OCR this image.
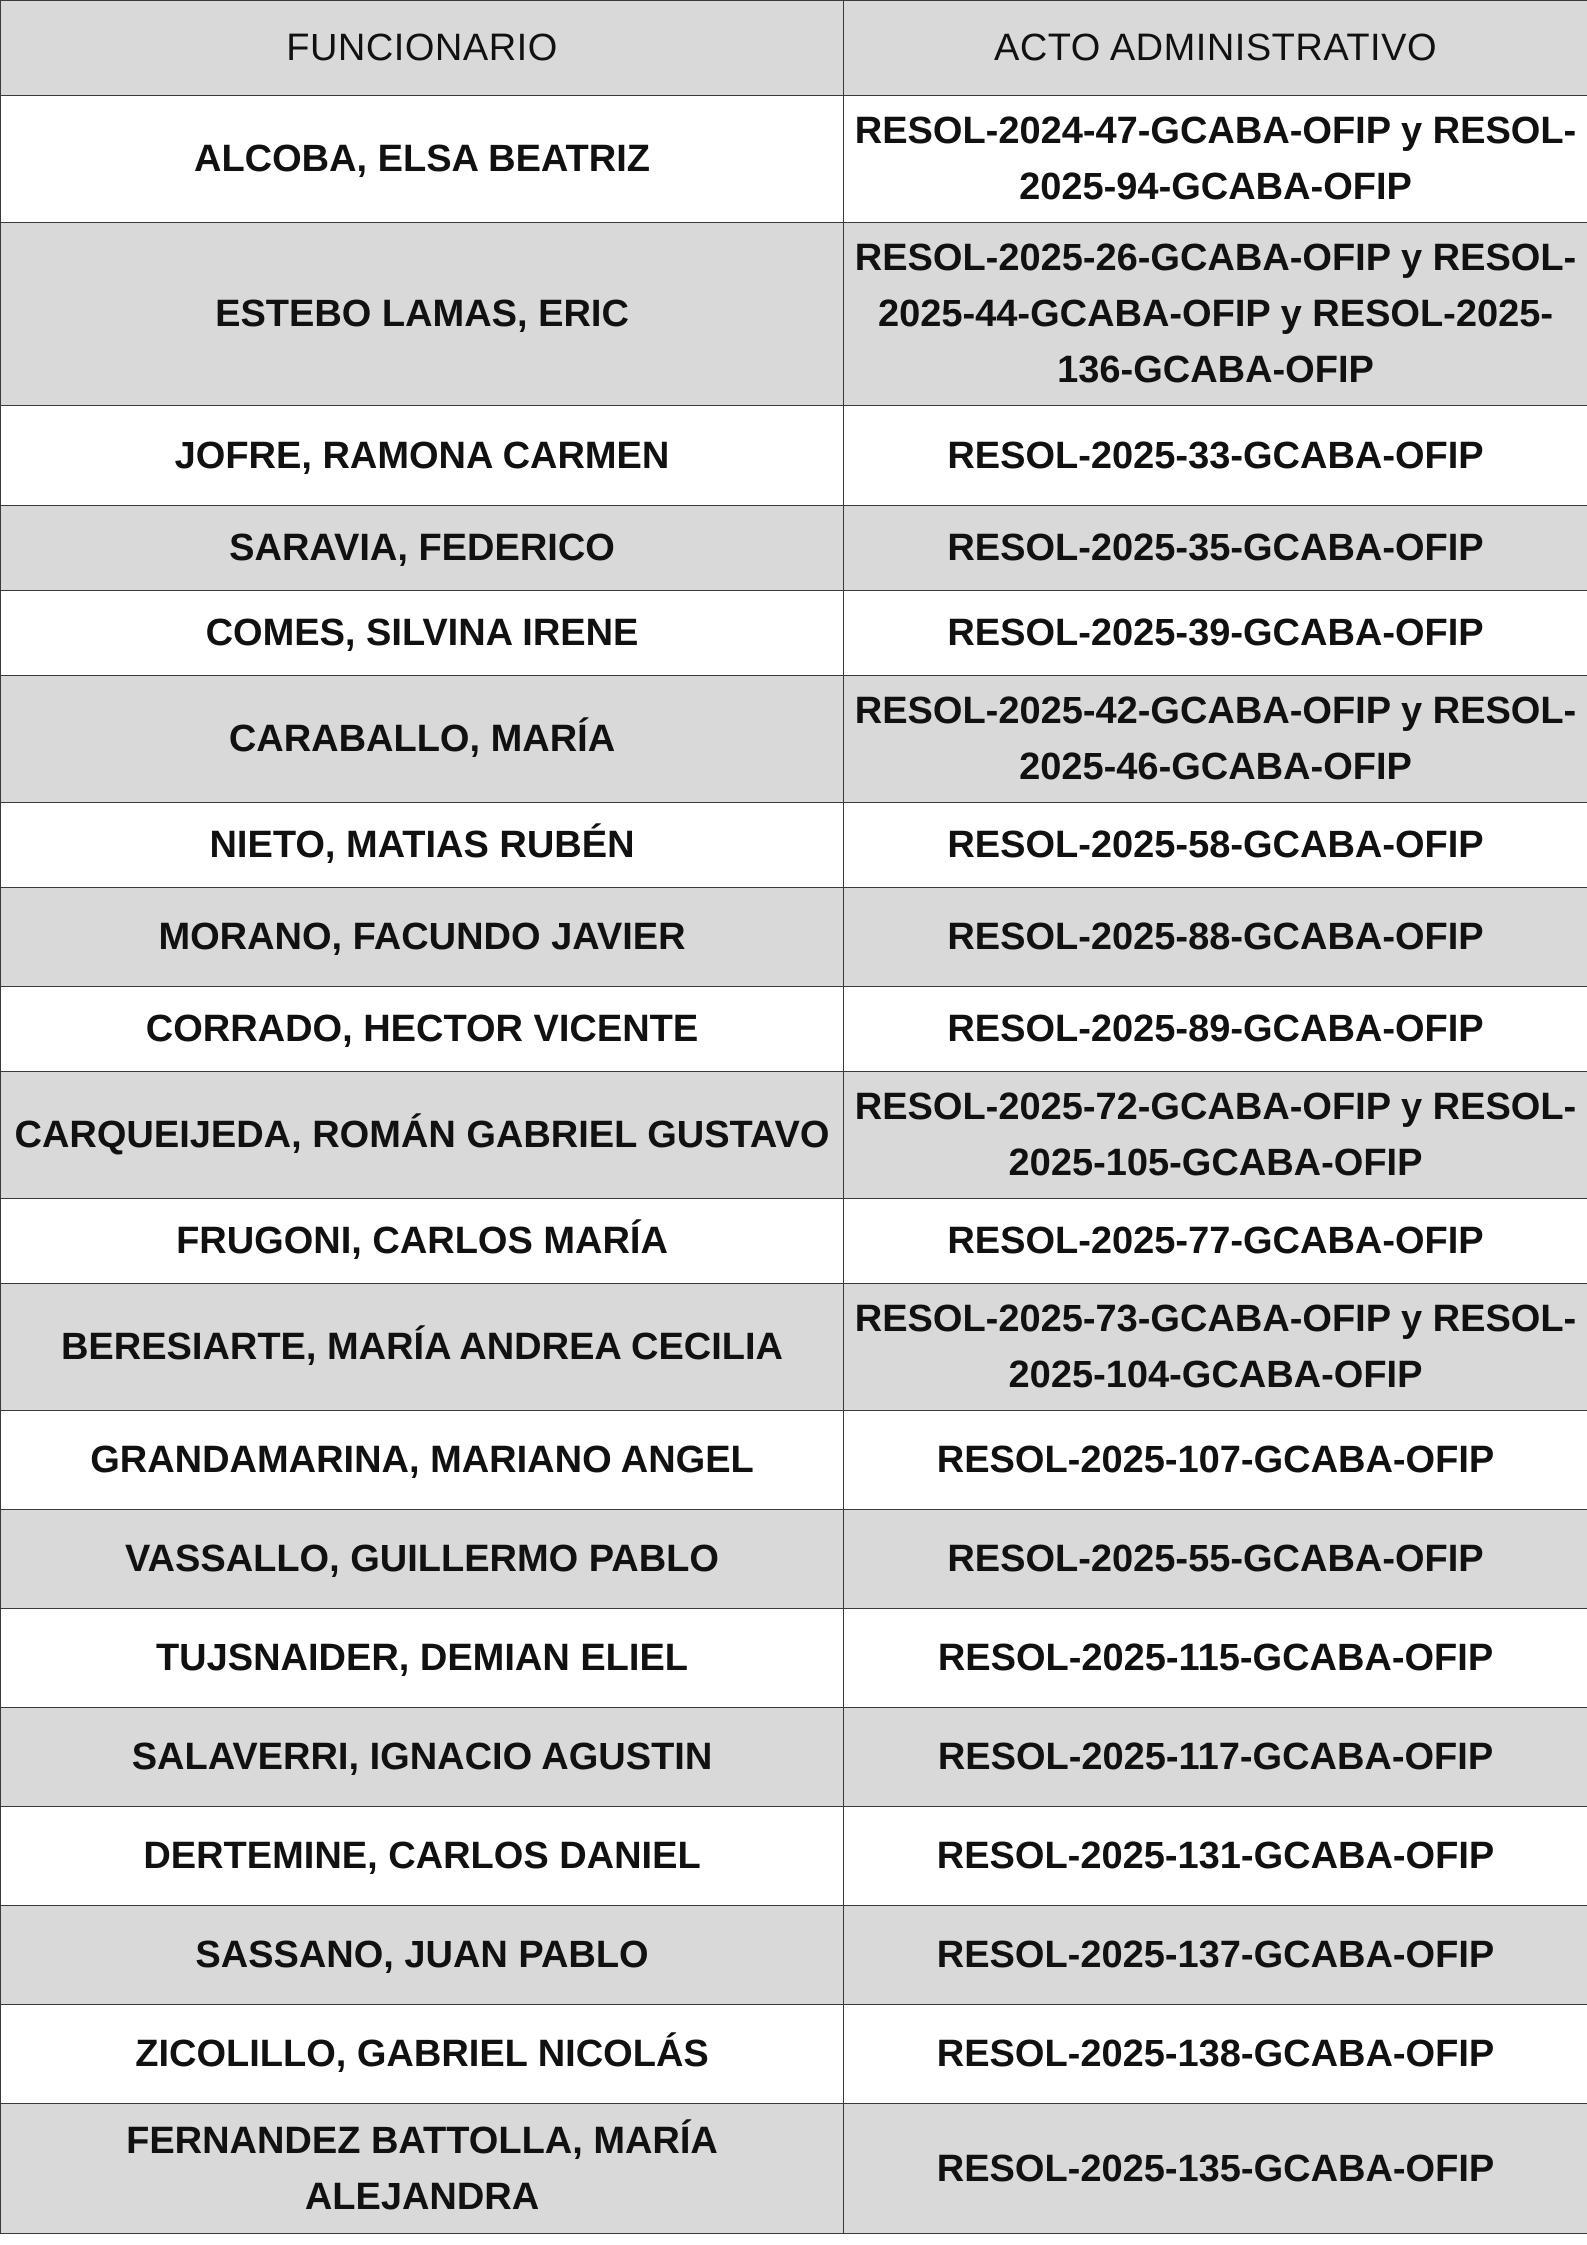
FUNCIONARIO	ACTO ADMINISTRATIVO
ALCOBA, ELSA BEATRIZ	RESOL-2024-47-GCABA-OFIP y RESOL-2025-94-GCABA-OFIP
ESTEBO LAMAS, ERIC	RESOL-2025-26-GCABA-OFIP y RESOL-2025-44-GCABA-OFIP y RESOL-2025-136-GCABA-OFIP
JOFRE, RAMONA CARMEN	RESOL-2025-33-GCABA-OFIP
SARAVIA, FEDERICO	RESOL-2025-35-GCABA-OFIP
COMES, SILVINA IRENE	RESOL-2025-39-GCABA-OFIP
CARABALLO, MARÍA	RESOL-2025-42-GCABA-OFIP y RESOL-2025-46-GCABA-OFIP
NIETO, MATIAS RUBÉN	RESOL-2025-58-GCABA-OFIP
MORANO, FACUNDO JAVIER	RESOL-2025-88-GCABA-OFIP
CORRADO, HECTOR VICENTE	RESOL-2025-89-GCABA-OFIP
CARQUEIJEDA, ROMÁN GABRIEL GUSTAVO	RESOL-2025-72-GCABA-OFIP y RESOL-2025-105-GCABA-OFIP
FRUGONI, CARLOS MARÍA	RESOL-2025-77-GCABA-OFIP
BERESIARTE, MARÍA ANDREA CECILIA	RESOL-2025-73-GCABA-OFIP y RESOL-2025-104-GCABA-OFIP
GRANDAMARINA, MARIANO ANGEL	RESOL-2025-107-GCABA-OFIP
VASSALLO, GUILLERMO PABLO	RESOL-2025-55-GCABA-OFIP
TUJSNAIDER, DEMIAN ELIEL	RESOL-2025-115-GCABA-OFIP
SALAVERRI, IGNACIO AGUSTIN	RESOL-2025-117-GCABA-OFIP
DERTEMINE, CARLOS DANIEL	RESOL-2025-131-GCABA-OFIP
SASSANO, JUAN PABLO	RESOL-2025-137-GCABA-OFIP
ZICOLILLO, GABRIEL NICOLÁS	RESOL-2025-138-GCABA-OFIP
FERNANDEZ BATTOLLA, MARÍA ALEJANDRA	RESOL-2025-135-GCABA-OFIP
